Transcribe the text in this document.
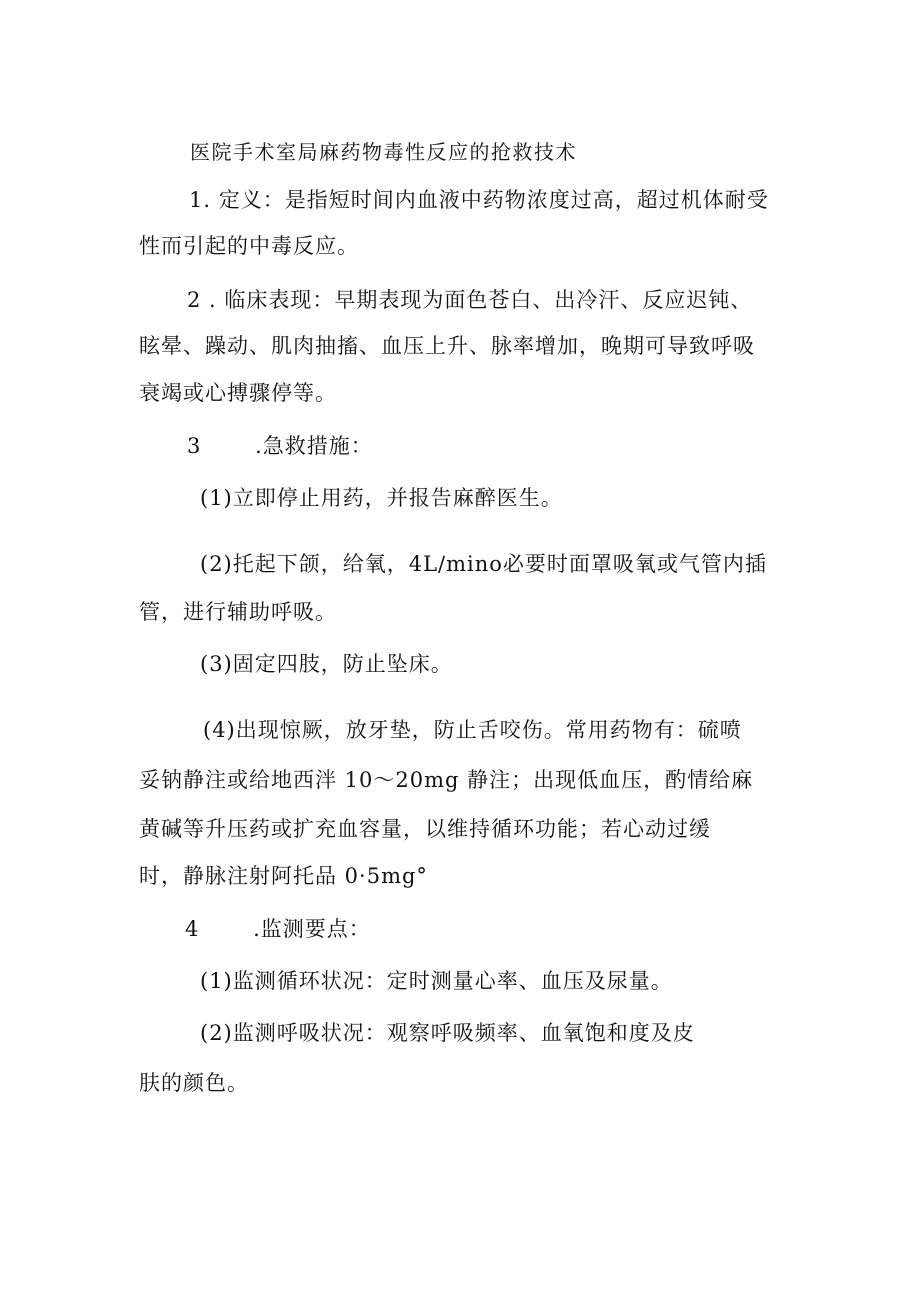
医院手术室局麻药物毒性反应的抢救技术
1. 定义：是指短时间内血液中药物浓度过高，超过机体耐受
性而引起的中毒反应。
2 . 临床表现：早期表现为面色苍白、出冷汗、反应迟钝、
眩晕、躁动、肌肉抽搐、血压上升、脉率增加，晚期可导致呼吸
衰竭或心搏骤停等。
3       .急救措施：
(1)立即停止用药，并报告麻醉医生。
(2)托起下颌，给氧，4L∕mino必要时面罩吸氧或气管内插
管，进行辅助呼吸。
(3)固定四肢，防止坠床。
(4)出现惊厥，放牙垫，防止舌咬伤。常用药物有：硫喷
妥钠静注或给地西泮 10～20mg 静注；出现低血压，酌情给麻
黄碱等升压药或扩充血容量，以维持循环功能；若心动过缓
时，静脉注射阿托品 0·5mg°
4       .监测要点：
(1)监测循环状况：定时测量心率、血压及尿量。
(2)监测呼吸状况：观察呼吸频率、血氧饱和度及皮
肤的颜色。
